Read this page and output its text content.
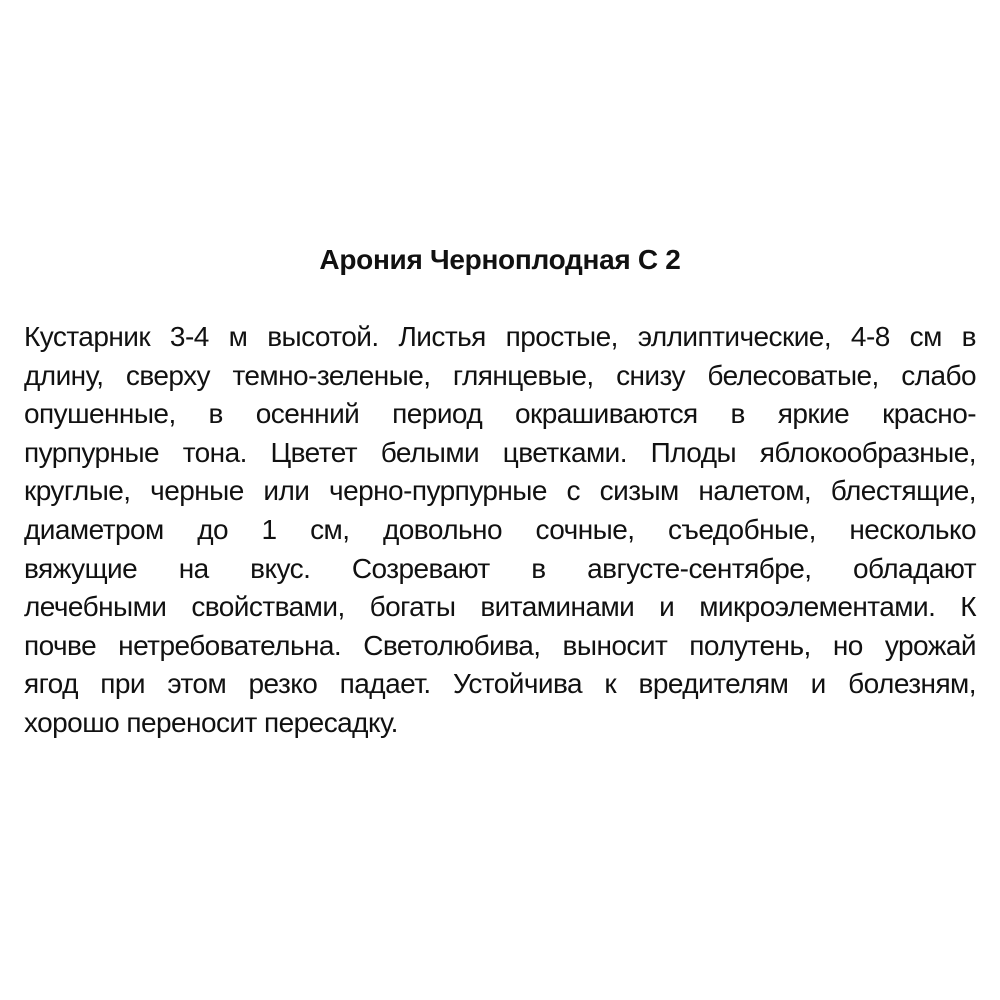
Арония Черноплодная С 2
Кустарник 3-4 м высотой. Листья простые, эллиптические, 4-8 см в
длину, сверху темно-зеленые, глянцевые, снизу белесоватые, слабо
опушенные, в осенний период окрашиваются в яркие красно-
пурпурные тона. Цветет белыми цветками. Плоды яблокообразные,
круглые, черные или черно-пурпурные с сизым налетом, блестящие,
диаметром до 1 см, довольно сочные, съедобные, несколько
вяжущие на вкус. Созревают в августе-сентябре, обладают
лечебными свойствами, богаты витаминами и микроэлементами. К
почве нетребовательна. Светолюбива, выносит полутень, но урожай
ягод при этом резко падает. Устойчива к вредителям и болезням,
хорошо переносит пересадку.
